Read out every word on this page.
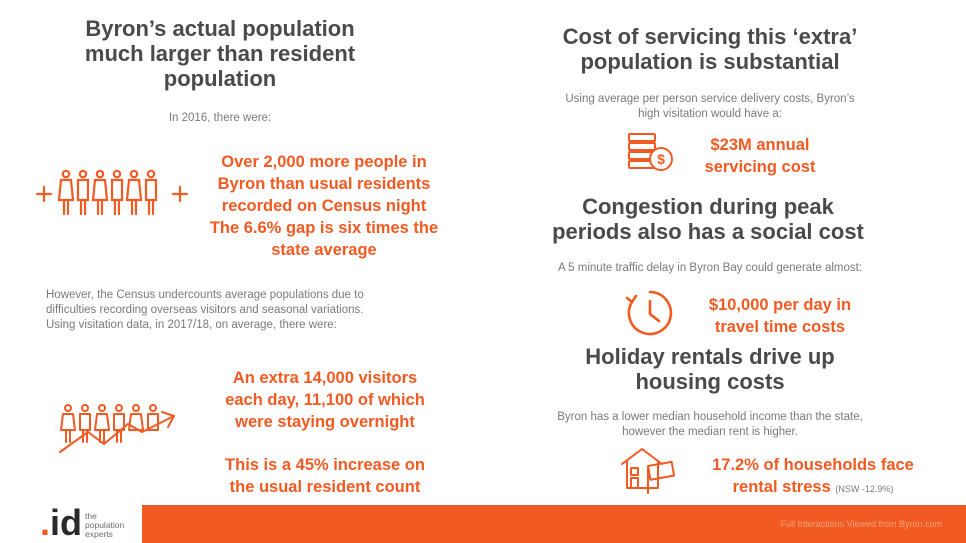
Byron’s actual population
much larger than resident
population
In 2016, there were:
Over 2,000 more people in
Byron than usual residents
recorded on Census night
The 6.6% gap is six times the
state average
However, the Census undercounts average populations due to
difficulties recording overseas visitors and seasonal variations.
Using visitation data, in 2017/18, on average, there were:
An extra 14,000 visitors
each day, 11,100 of which
were staying overnight
This is a 45% increase on
the usual resident count
Cost of servicing this ‘extra’
population is substantial
Using average per person service delivery costs, Byron’s
high visitation would have a:
$
$23M annual
servicing cost
Congestion during peak
periods also has a social cost
A 5 minute traffic delay in Byron Bay could generate almost:
$10,000 per day in
travel time costs
Holiday rentals drive up
housing costs
Byron has a lower median household income than the state,
however the median rent is higher.
17.2% of households face
rental stress (NSW -12.9%)
.id the
population
experts
Full Interactions Viewed from Byron.com
